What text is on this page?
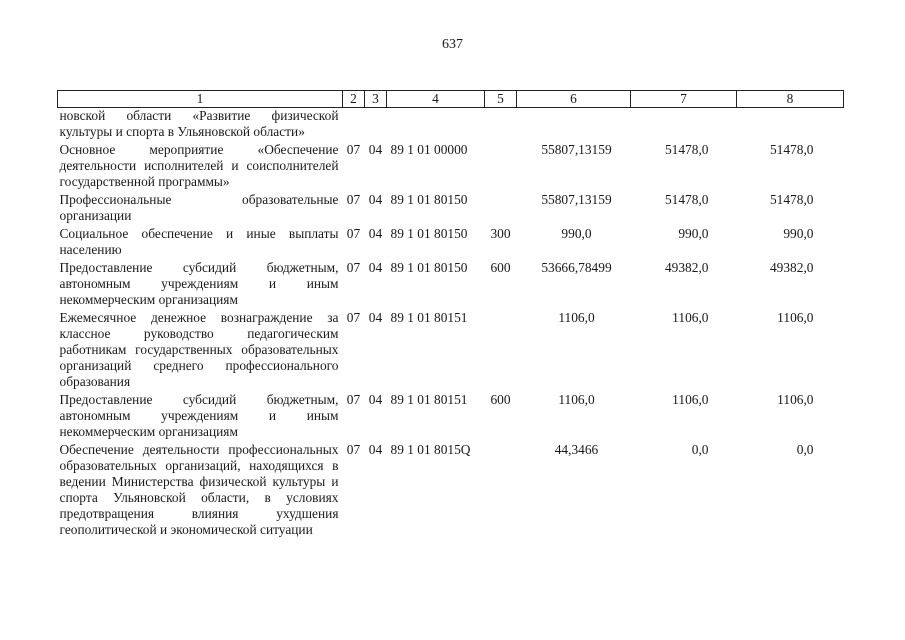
637
1	2	3	4	5	6	7	8
новской области «Развитие физической культуры и спорта в Ульяновской области»							
Основное мероприятие «Обеспечение деятельности исполнителей и соисполнителей государственной программы»	07	04	89 1 01 00000		55807,13159	51478,0	51478,0
Профессиональные образовательные организации	07	04	89 1 01 80150		55807,13159	51478,0	51478,0
Социальное обеспечение и иные выплаты населению	07	04	89 1 01 80150	300	990,0	990,0	990,0
Предоставление субсидий бюджетным, автономным учреждениям и иным некоммерческим организациям	07	04	89 1 01 80150	600	53666,78499	49382,0	49382,0
Ежемесячное денежное вознаграждение за классное руководство педагогическим работникам государственных образовательных организаций среднего профессионального образования	07	04	89 1 01 80151		1106,0	1106,0	1106,0
Предоставление субсидий бюджетным, автономным учреждениям и иным некоммерческим организациям	07	04	89 1 01 80151	600	1106,0	1106,0	1106,0
Обеспечение деятельности профессиональных образовательных организаций, находящихся в ведении Министерства физической культуры и спорта Ульяновской области, в условиях предотвращения влияния ухудшения геополитической и экономической ситуации	07	04	89 1 01 8015Q		44,3466	0,0	0,0
